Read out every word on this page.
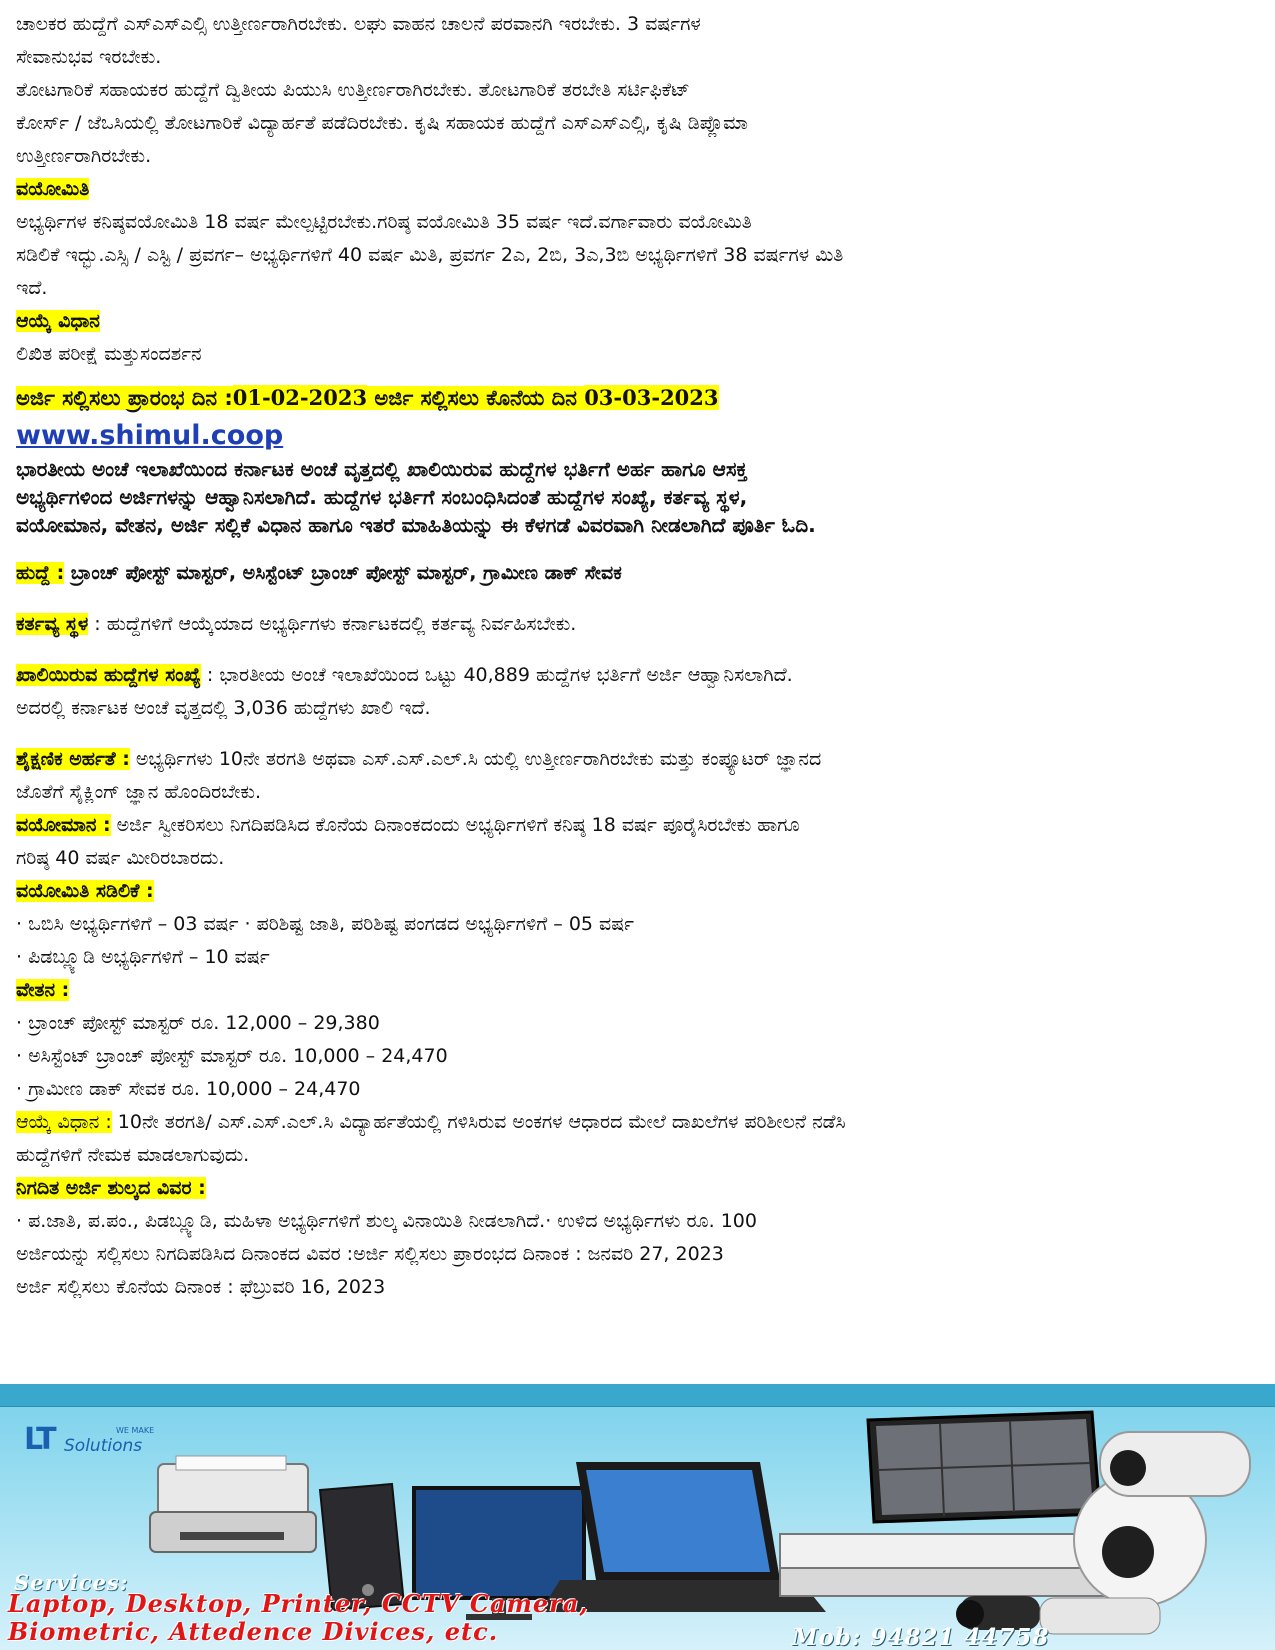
ಚಾಲಕರ ಹುದ್ದೆಗೆ ಎಸ್ಎಸ್ಎಲ್ಸಿ ಉತ್ತೀರ್ಣರಾಗಿರಬೇಕು. ಲಘು ವಾಹನ ಚಾಲನೆ ಪರವಾನಗಿ ಇರಬೇಕು. 3 ವರ್ಷಗಳ

ಸೇವಾನುಭವ ಇರಬೇಕು.

ತೋಟಗಾರಿಕೆ ಸಹಾಯಕರ ಹುದ್ದೆಗೆ ದ್ವಿತೀಯ ಪಿಯುಸಿ ಉತ್ತೀರ್ಣರಾಗಿರಬೇಕು. ತೋಟಗಾರಿಕೆ ತರಬೇತಿ ಸರ್ಟಿಫಿಕೆಟ್

ಕೋರ್ಸ್ / ಜೆಒಸಿಯಲ್ಲಿ ತೋಟಗಾರಿಕೆ ವಿದ್ಯಾರ್ಹತೆ ಪಡೆದಿರಬೇಕು. ಕೃಷಿ ಸಹಾಯಕ ಹುದ್ದೆಗೆ ಎಸ್ಎಸ್ಎಲ್ಸಿ, ಕೃಷಿ ಡಿಪ್ಲೊಮಾ

ಉತ್ತೀರ್ಣರಾಗಿರಬೇಕು.

ವಯೋಮಿತಿ

ಅಭ್ಯರ್ಥಿಗಳ ಕನಿಷ್ಠವಯೋಮಿತಿ 18 ವರ್ಷ ಮೇಲ್ಪಟ್ಟಿರಬೇಕು.ಗರಿಷ್ಠ ವಯೋಮಿತಿ 35 ವರ್ಷ ಇದೆ.ವರ್ಗಾವಾರು ವಯೋಮಿತಿ

ಸಡಿಲಿಕೆ ಇದ್ಭು.ಎಸ್ಸಿ / ಎಸ್ಟಿ / ಪ್ರವರ್ಗ– ಅಭ್ಯರ್ಥಿಗಳಿಗೆ 40 ವರ್ಷ ಮಿತಿ, ಪ್ರವರ್ಗ 2ಎ, 2ಬಿ, 3ಎ,3ಬಿ ಅಭ್ಯರ್ಥಿಗಳಿಗೆ 38 ವರ್ಷಗಳ ಮಿತಿ

ಇದೆ.

ಆಯ್ಕೆ ವಿಧಾನ

ಲಿಖಿತ ಪರೀಕ್ಷೆ ಮತ್ತುಸಂದರ್ಶನ

ಅರ್ಜಿ ಸಲ್ಲಿಸಲು ಪ್ರಾರಂಭ ದಿನ :01-02-2023 ಅರ್ಜಿ ಸಲ್ಲಿಸಲು ಕೊನೆಯ ದಿನ 03-03-2023

www.shimul.coop

ಭಾರತೀಯ ಅಂಚೆ ಇಲಾಖೆಯಿಂದ ಕರ್ನಾಟಕ ಅಂಚೆ ವೃತ್ತದಲ್ಲಿ ಖಾಲಿಯಿರುವ ಹುದ್ದೆಗಳ ಭರ್ತಿಗೆ ಅರ್ಹ ಹಾಗೂ ಆಸಕ್ತ

ಅಭ್ಯರ್ಥಿಗಳಿಂದ ಅರ್ಜಿಗಳನ್ನು ಆಹ್ವಾನಿಸಲಾಗಿದೆ. ಹುದ್ದೆಗಳ ಭರ್ತಿಗೆ ಸಂಬಂಧಿಸಿದಂತೆ ಹುದ್ದೆಗಳ ಸಂಖ್ಯೆ, ಕರ್ತವ್ಯ ಸ್ಥಳ,

ವಯೋಮಾನ, ವೇತನ, ಅರ್ಜಿ ಸಲ್ಲಿಕೆ ವಿಧಾನ ಹಾಗೂ ಇತರೆ ಮಾಹಿತಿಯನ್ನು ಈ ಕೆಳಗಡೆ ವಿವರವಾಗಿ ನೀಡಲಾಗಿದೆ ಪೂರ್ತಿ ಓದಿ.

ಹುದ್ದೆ : ಬ್ರಾಂಚ್ ಪೋಸ್ಟ್ ಮಾಸ್ಟರ್, ಅಸಿಸ್ಟೆಂಟ್ ಬ್ರಾಂಚ್ ಪೋಸ್ಟ್ ಮಾಸ್ಟರ್, ಗ್ರಾಮೀಣ ಡಾಕ್ ಸೇವಕ

ಕರ್ತವ್ಯ ಸ್ಥಳ : ಹುದ್ದೆಗಳಿಗೆ ಆಯ್ಕೆಯಾದ ಅಭ್ಯರ್ಥಿಗಳು ಕರ್ನಾಟಕದಲ್ಲಿ ಕರ್ತವ್ಯ ನಿರ್ವಹಿಸಬೇಕು.

ಖಾಲಿಯಿರುವ ಹುದ್ದೆಗಳ ಸಂಖ್ಯೆ : ಭಾರತೀಯ ಅಂಚೆ ಇಲಾಖೆಯಿಂದ ಒಟ್ಟು 40,889 ಹುದ್ದೆಗಳ ಭರ್ತಿಗೆ ಅರ್ಜಿ ಆಹ್ವಾನಿಸಲಾಗಿದೆ.

ಅದರಲ್ಲಿ ಕರ್ನಾಟಕ ಅಂಚೆ ವೃತ್ತದಲ್ಲಿ 3,036 ಹುದ್ದೆಗಳು ಖಾಲಿ ಇದೆ.

ಶೈಕ್ಷಣಿಕ ಅರ್ಹತೆ : ಅಭ್ಯರ್ಥಿಗಳು 10ನೇ ತರಗತಿ ಅಥವಾ ಎಸ್.ಎಸ್.ಎಲ್.ಸಿ ಯಲ್ಲಿ ಉತ್ತೀರ್ಣರಾಗಿರಬೇಕು ಮತ್ತು ಕಂಪ್ಯೂಟರ್ ಜ್ಞಾನದ

ಜೊತೆಗೆ ಸೈಕ್ಲಿಂಗ್ ಜ್ಞಾನ ಹೊಂದಿರಬೇಕು.

ವಯೋಮಾನ : ಅರ್ಜಿ ಸ್ವೀಕರಿಸಲು ನಿಗದಿಪಡಿಸಿದ ಕೊನೆಯ ದಿನಾಂಕದಂದು ಅಭ್ಯರ್ಥಿಗಳಿಗೆ ಕನಿಷ್ಠ 18 ವರ್ಷ ಪೂರೈಸಿರಬೇಕು ಹಾಗೂ

ಗರಿಷ್ಠ 40 ವರ್ಷ ಮೀರಿರಬಾರದು.

ವಯೋಮಿತಿ ಸಡಿಲಿಕೆ :

· ಒಬಿಸಿ ಅಭ್ಯರ್ಥಿಗಳಿಗೆ – 03 ವರ್ಷ · ಪರಿಶಿಷ್ಟ ಜಾತಿ, ಪರಿಶಿಷ್ಟ ಪಂಗಡದ ಅಭ್ಯರ್ಥಿಗಳಿಗೆ – 05 ವರ್ಷ

· ಪಿಡಬ್ಲ್ಯೂಡಿ ಅಭ್ಯರ್ಥಿಗಳಿಗೆ – 10 ವರ್ಷ

ವೇತನ :

· ಬ್ರಾಂಚ್ ಪೋಸ್ಟ್ ಮಾಸ್ಟರ್ ರೂ. 12,000 – 29,380

· ಅಸಿಸ್ಟೆಂಟ್ ಬ್ರಾಂಚ್ ಪೋಸ್ಟ್ ಮಾಸ್ಟರ್ ರೂ. 10,000 – 24,470

· ಗ್ರಾಮೀಣ ಡಾಕ್ ಸೇವಕ ರೂ. 10,000 – 24,470

ಆಯ್ಕೆ ವಿಧಾನ : 10ನೇ ತರಗತಿ/ ಎಸ್.ಎಸ್.ಎಲ್.ಸಿ ವಿದ್ಯಾರ್ಹತೆಯಲ್ಲಿ ಗಳಿಸಿರುವ ಅಂಕಗಳ ಆಧಾರದ ಮೇಲೆ ದಾಖಲೆಗಳ ಪರಿಶೀಲನೆ ನಡೆಸಿ

ಹುದ್ದೆಗಳಿಗೆ ನೇಮಕ ಮಾಡಲಾಗುವುದು.

ನಿಗದಿತ ಅರ್ಜಿ ಶುಲ್ಕದ ವಿವರ :

· ಪ.ಜಾತಿ, ಪ.ಪಂ., ಪಿಡಬ್ಲ್ಯೂಡಿ, ಮಹಿಳಾ ಅಭ್ಯರ್ಥಿಗಳಿಗೆ ಶುಲ್ಕ ವಿನಾಯಿತಿ ನೀಡಲಾಗಿದೆ.· ಉಳಿದ ಅಭ್ಯರ್ಥಿಗಳು ರೂ. 100

ಅರ್ಜಿಯನ್ನು ಸಲ್ಲಿಸಲು ನಿಗದಿಪಡಿಸಿದ ದಿನಾಂಕದ ವಿವರ :ಅರ್ಜಿ ಸಲ್ಲಿಸಲು ಪ್ರಾರಂಭದ ದಿನಾಂಕ : ಜನವರಿ 27, 2023

ಅರ್ಜಿ ಸಲ್ಲಿಸಲು ಕೊನೆಯ ದಿನಾಂಕ : ಫೆಬ್ರುವರಿ 16, 2023

LT Solutions
WE MAKE
Services:
Laptop, Desktop, Printer, CCTV Camera,
Biometric, Attedence Divices, etc.	Mob: 94821 44758
